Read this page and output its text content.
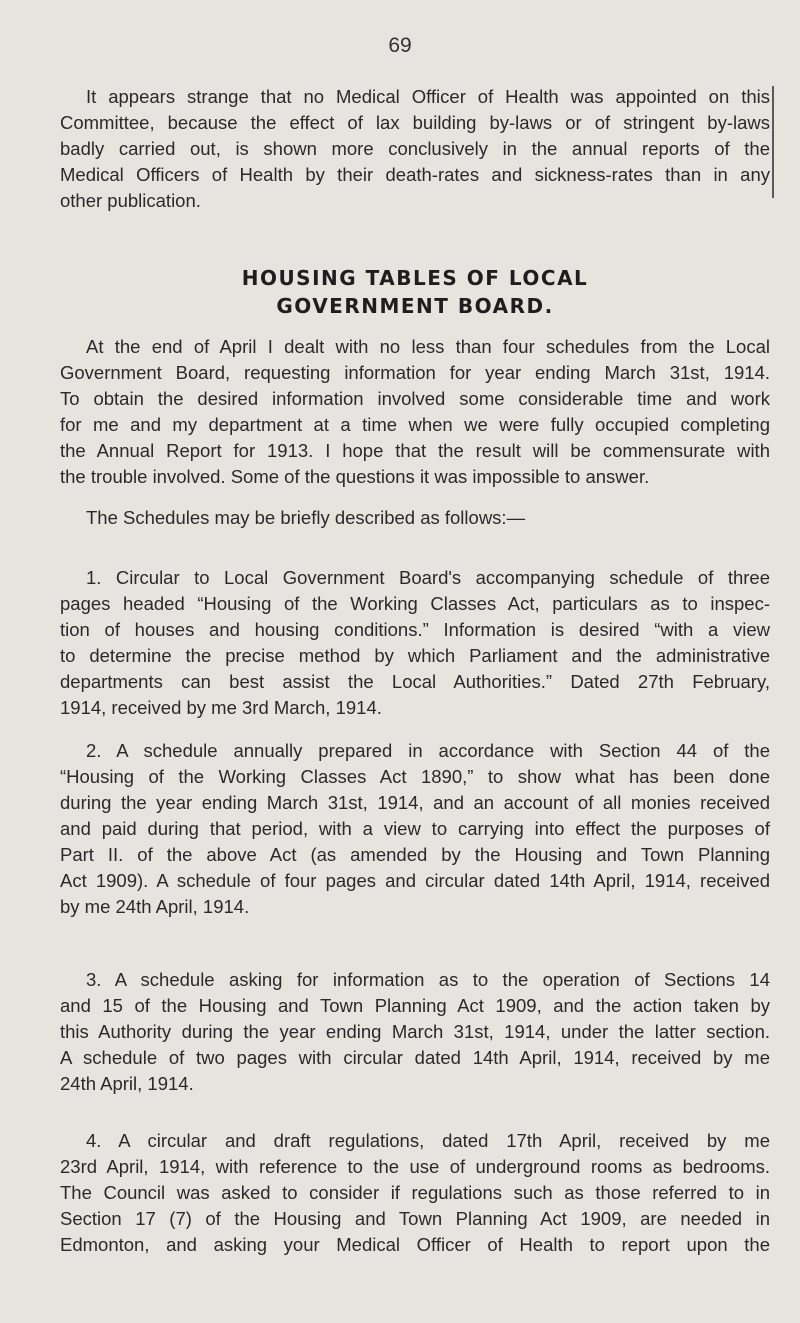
69

It appears strange that no Medical Officer of Health was appointed on this
Committee, because the effect of lax building by-laws or of stringent by-laws
badly carried out, is shown more conclusively in the annual reports of the
Medical Officers of Health by their death-rates and sickness-rates than in any
other publication.

HOUSING TABLES OF LOCAL
GOVERNMENT BOARD.

At the end of April I dealt with no less than four schedules from the Local
Government Board, requesting information for year ending March 31st, 1914.
To obtain the desired information involved some considerable time and work
for me and my department at a time when we were fully occupied completing
the Annual Report for 1913. I hope that the result will be commensurate with
the trouble involved. Some of the questions it was impossible to answer.

The Schedules may be briefly described as follows:—

1. Circular to Local Government Board's accompanying schedule of three
pages headed “Housing of the Working Classes Act, particulars as to inspec-
tion of houses and housing conditions.” Information is desired “with a view
to determine the precise method by which Parliament and the administrative
departments can best assist the Local Authorities.” Dated 27th February,
1914, received by me 3rd March, 1914.

2. A schedule annually prepared in accordance with Section 44 of the
“Housing of the Working Classes Act 1890,” to show what has been done
during the year ending March 31st, 1914, and an account of all monies received
and paid during that period, with a view to carrying into effect the purposes of
Part II. of the above Act (as amended by the Housing and Town Planning
Act 1909). A schedule of four pages and circular dated 14th April, 1914, received
by me 24th April, 1914.

3. A schedule asking for information as to the operation of Sections 14
and 15 of the Housing and Town Planning Act 1909, and the action taken by
this Authority during the year ending March 31st, 1914, under the latter section.
A schedule of two pages with circular dated 14th April, 1914, received by me
24th April, 1914.

4. A circular and draft regulations, dated 17th April, received by me
23rd April, 1914, with reference to the use of underground rooms as bedrooms.
The Council was asked to consider if regulations such as those referred to in
Section 17 (7) of the Housing and Town Planning Act 1909, are needed in
Edmonton, and asking your Medical Officer of Health to report upon the
